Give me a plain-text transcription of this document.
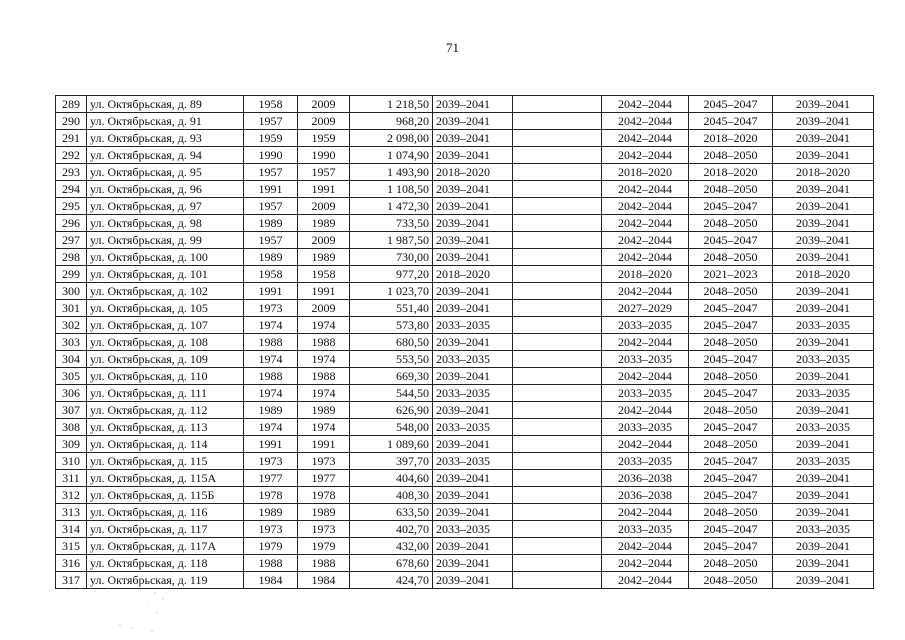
71
289	ул. Октябрьская, д. 89	1958	2009	1 218,50	2039–2041		2042–2044	2045–2047	2039–2041
290	ул. Октябрьская, д. 91	1957	2009	968,20	2039–2041		2042–2044	2045–2047	2039–2041
291	ул. Октябрьская, д. 93	1959	1959	2 098,00	2039–2041		2042–2044	2018–2020	2039–2041
292	ул. Октябрьская, д. 94	1990	1990	1 074,90	2039–2041		2042–2044	2048–2050	2039–2041
293	ул. Октябрьская, д. 95	1957	1957	1 493,90	2018–2020		2018–2020	2018–2020	2018–2020
294	ул. Октябрьская, д. 96	1991	1991	1 108,50	2039–2041		2042–2044	2048–2050	2039–2041
295	ул. Октябрьская, д. 97	1957	2009	1 472,30	2039–2041		2042–2044	2045–2047	2039–2041
296	ул. Октябрьская, д. 98	1989	1989	733,50	2039–2041		2042–2044	2048–2050	2039–2041
297	ул. Октябрьская, д. 99	1957	2009	1 987,50	2039–2041		2042–2044	2045–2047	2039–2041
298	ул. Октябрьская, д. 100	1989	1989	730,00	2039–2041		2042–2044	2048–2050	2039–2041
299	ул. Октябрьская, д. 101	1958	1958	977,20	2018–2020		2018–2020	2021–2023	2018–2020
300	ул. Октябрьская, д. 102	1991	1991	1 023,70	2039–2041		2042–2044	2048–2050	2039–2041
301	ул. Октябрьская, д. 105	1973	2009	551,40	2039–2041		2027–2029	2045–2047	2039–2041
302	ул. Октябрьская, д. 107	1974	1974	573,80	2033–2035		2033–2035	2045–2047	2033–2035
303	ул. Октябрьская, д. 108	1988	1988	680,50	2039–2041		2042–2044	2048–2050	2039–2041
304	ул. Октябрьская, д. 109	1974	1974	553,50	2033–2035		2033–2035	2045–2047	2033–2035
305	ул. Октябрьская, д. 110	1988	1988	669,30	2039–2041		2042–2044	2048–2050	2039–2041
306	ул. Октябрьская, д. 111	1974	1974	544,50	2033–2035		2033–2035	2045–2047	2033–2035
307	ул. Октябрьская, д. 112	1989	1989	626,90	2039–2041		2042–2044	2048–2050	2039–2041
308	ул. Октябрьская, д. 113	1974	1974	548,00	2033–2035		2033–2035	2045–2047	2033–2035
309	ул. Октябрьская, д. 114	1991	1991	1 089,60	2039–2041		2042–2044	2048–2050	2039–2041
310	ул. Октябрьская, д. 115	1973	1973	397,70	2033–2035		2033–2035	2045–2047	2033–2035
311	ул. Октябрьская, д. 115А	1977	1977	404,60	2039–2041		2036–2038	2045–2047	2039–2041
312	ул. Октябрьская, д. 115Б	1978	1978	408,30	2039–2041		2036–2038	2045–2047	2039–2041
313	ул. Октябрьская, д. 116	1989	1989	633,50	2039–2041		2042–2044	2048–2050	2039–2041
314	ул. Октябрьская, д. 117	1973	1973	402,70	2033–2035		2033–2035	2045–2047	2033–2035
315	ул. Октябрьская, д. 117А	1979	1979	432,00	2039–2041		2042–2044	2045–2047	2039–2041
316	ул. Октябрьская, д. 118	1988	1988	678,60	2039–2041		2042–2044	2048–2050	2039–2041
317	ул. Октябрьская, д. 119	1984	1984	424,70	2039–2041		2042–2044	2048–2050	2039–2041
